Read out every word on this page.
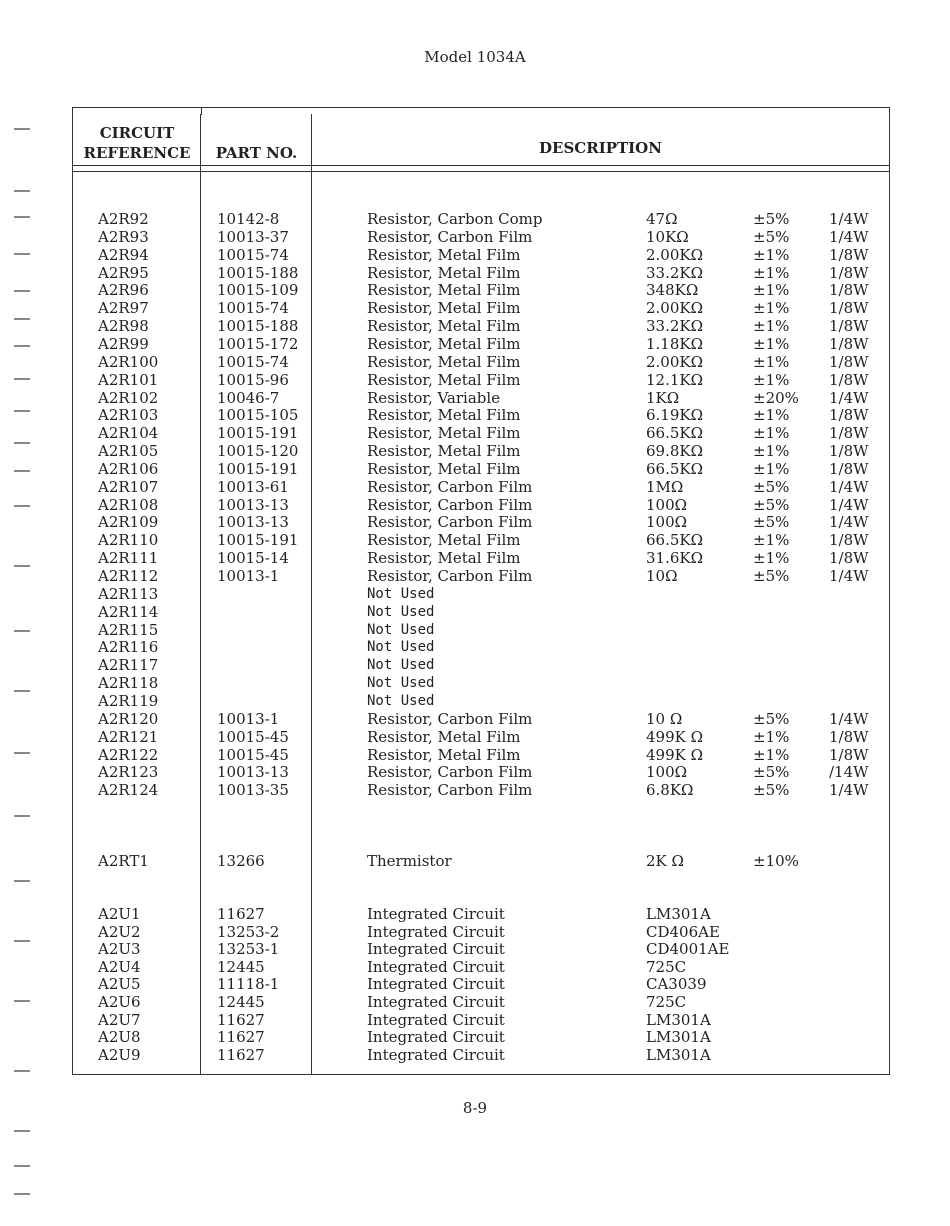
Model 1034A
CIRCUIT
REFERENCE	PART NO.	DESCRIPTION
A2R92	10142-8	Resistor, Carbon Comp	47Ω	±5%	1/4W
A2R93	10013-37	Resistor, Carbon Film	10KΩ	±5%	1/4W
A2R94	10015-74	Resistor, Metal Film	2.00KΩ	±1%	1/8W
A2R95	10015-188	Resistor, Metal Film	33.2KΩ	±1%	1/8W
A2R96	10015-109	Resistor, Metal Film	348KΩ	±1%	1/8W
A2R97	10015-74	Resistor, Metal Film	2.00KΩ	±1%	1/8W
A2R98	10015-188	Resistor, Metal Film	33.2KΩ	±1%	1/8W
A2R99	10015-172	Resistor, Metal Film	1.18KΩ	±1%	1/8W
A2R100	10015-74	Resistor, Metal Film	2.00KΩ	±1%	1/8W
A2R101	10015-96	Resistor, Metal Film	12.1KΩ	±1%	1/8W
A2R102	10046-7	Resistor, Variable	1KΩ	±20% 1/4W
A2R103	10015-105	Resistor, Metal Film	6.19KΩ	±1%	1/8W
A2R104	10015-191	Resistor, Metal Film	66.5KΩ	±1%	1/8W
A2R105	10015-120	Resistor, Metal Film	69.8KΩ	±1%	1/8W
A2R106	10015-191	Resistor, Metal Film	66.5KΩ	±1%	1/8W
A2R107	10013-61	Resistor, Carbon Film	1MΩ	±5%	1/4W
A2R108	10013-13	Resistor, Carbon Film	100Ω	±5%	1/4W
A2R109	10013-13	Resistor, Carbon Film	100Ω	±5%	1/4W
A2R110	10015-191	Resistor, Metal Film	66.5KΩ	±1%	1/8W
A2R111	10015-14	Resistor, Metal Film	31.6KΩ	±1%	1/8W
A2R112	10013-1	Resistor, Carbon Film	10Ω	±5%	1/4W
A2R113	Not Used
A2R114	Not Used
A2R115	Not Used
A2R116	Not Used
A2R117	Not Used
A2R118	Not Used
A2R119	Not Used
A2R120	10013-1	Resistor, Carbon Film	10 Ω	±5%	1/4W
A2R121	10015-45	Resistor, Metal Film	499K Ω	±1%	1/8W
A2R122	10015-45	Resistor, Metal Film	499K Ω	±1%	1/8W
A2R123	10013-13	Resistor, Carbon Film	100Ω	±5%	/14W
A2R124	10013-35	Resistor, Carbon Film	6.8KΩ	±5%	1/4W
A2RT1	13266	Thermistor	2K Ω	±10%
A2U1	11627	Integrated Circuit	LM301A
A2U2	13253-2	Integrated Circuit	CD406AE
A2U3	13253-1	Integrated Circuit	CD4001AE
A2U4	12445	Integrated Circuit	725C
A2U5	11118-1	Integrated Circuit	CA3039
A2U6	12445	Integrated Circuit	725C
A2U7	11627	Integrated Circuit	LM301A
A2U8	11627	Integrated Circuit	LM301A
A2U9	11627	Integrated Circuit	LM301A
8-9
